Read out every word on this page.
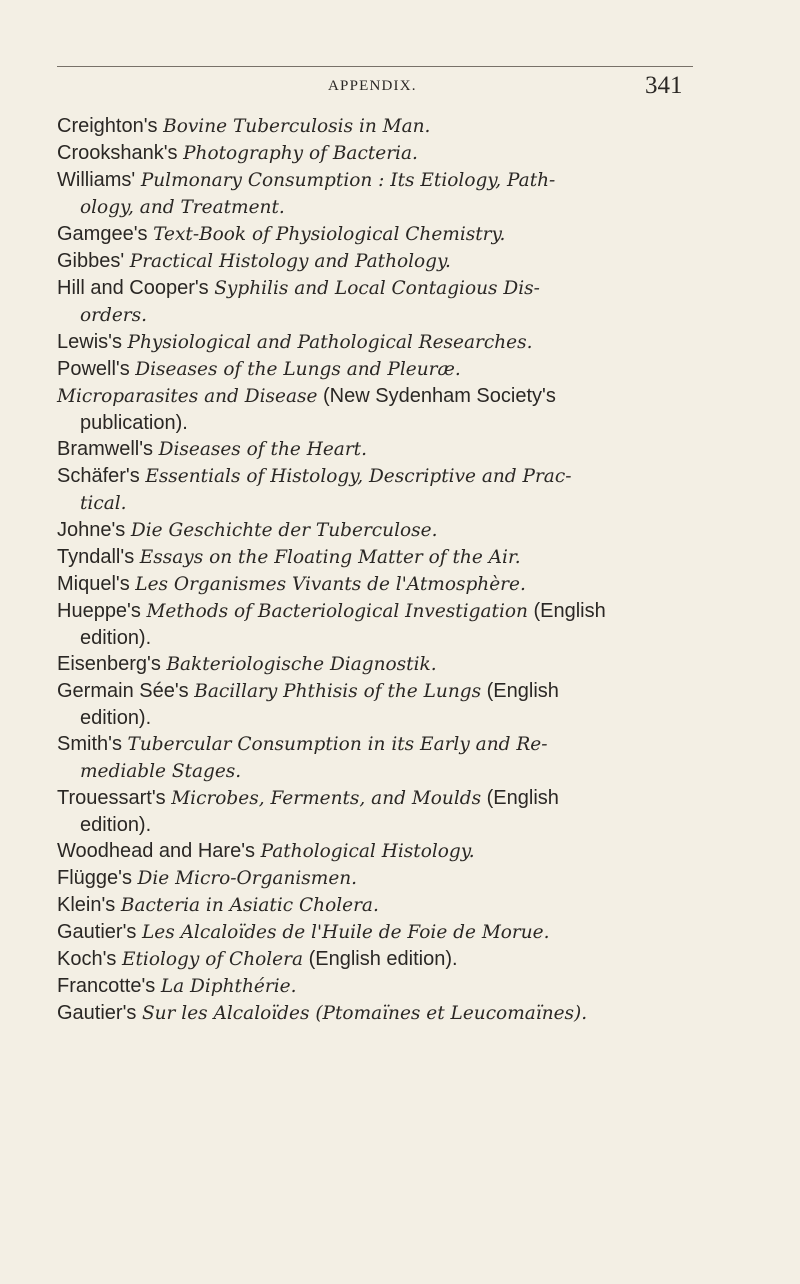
APPENDIX.	341
Creighton's Bovine Tuberculosis in Man.
Crookshank's Photography of Bacteria.
Williams' Pulmonary Consumption : Its Etiology, Path-
ology, and Treatment.
Gamgee's Text-Book of Physiological Chemistry.
Gibbes' Practical Histology and Pathology.
Hill and Cooper's Syphilis and Local Contagious Dis-
orders.
Lewis's Physiological and Pathological Researches.
Powell's Diseases of the Lungs and Pleuræ.
Microparasites and Disease (New Sydenham Society's
publication).
Bramwell's Diseases of the Heart.
Schäfer's Essentials of Histology, Descriptive and Prac-
tical.
Johne's Die Geschichte der Tuberculose.
Tyndall's Essays on the Floating Matter of the Air.
Miquel's Les Organismes Vivants de l'Atmosphère.
Hueppe's Methods of Bacteriological Investigation (English
edition).
Eisenberg's Bakteriologische Diagnostik.
Germain Sée's Bacillary Phthisis of the Lungs (English
edition).
Smith's Tubercular Consumption in its Early and Re-
mediable Stages.
Trouessart's Microbes, Ferments, and Moulds (English
edition).
Woodhead and Hare's Pathological Histology.
Flügge's Die Micro-Organismen.
Klein's Bacteria in Asiatic Cholera.
Gautier's Les Alcaloïdes de l'Huile de Foie de Morue.
Koch's Etiology of Cholera (English edition).
Francotte's La Diphthérie.
Gautier's Sur les Alcaloïdes (Ptomaïnes et Leucomaïnes).
